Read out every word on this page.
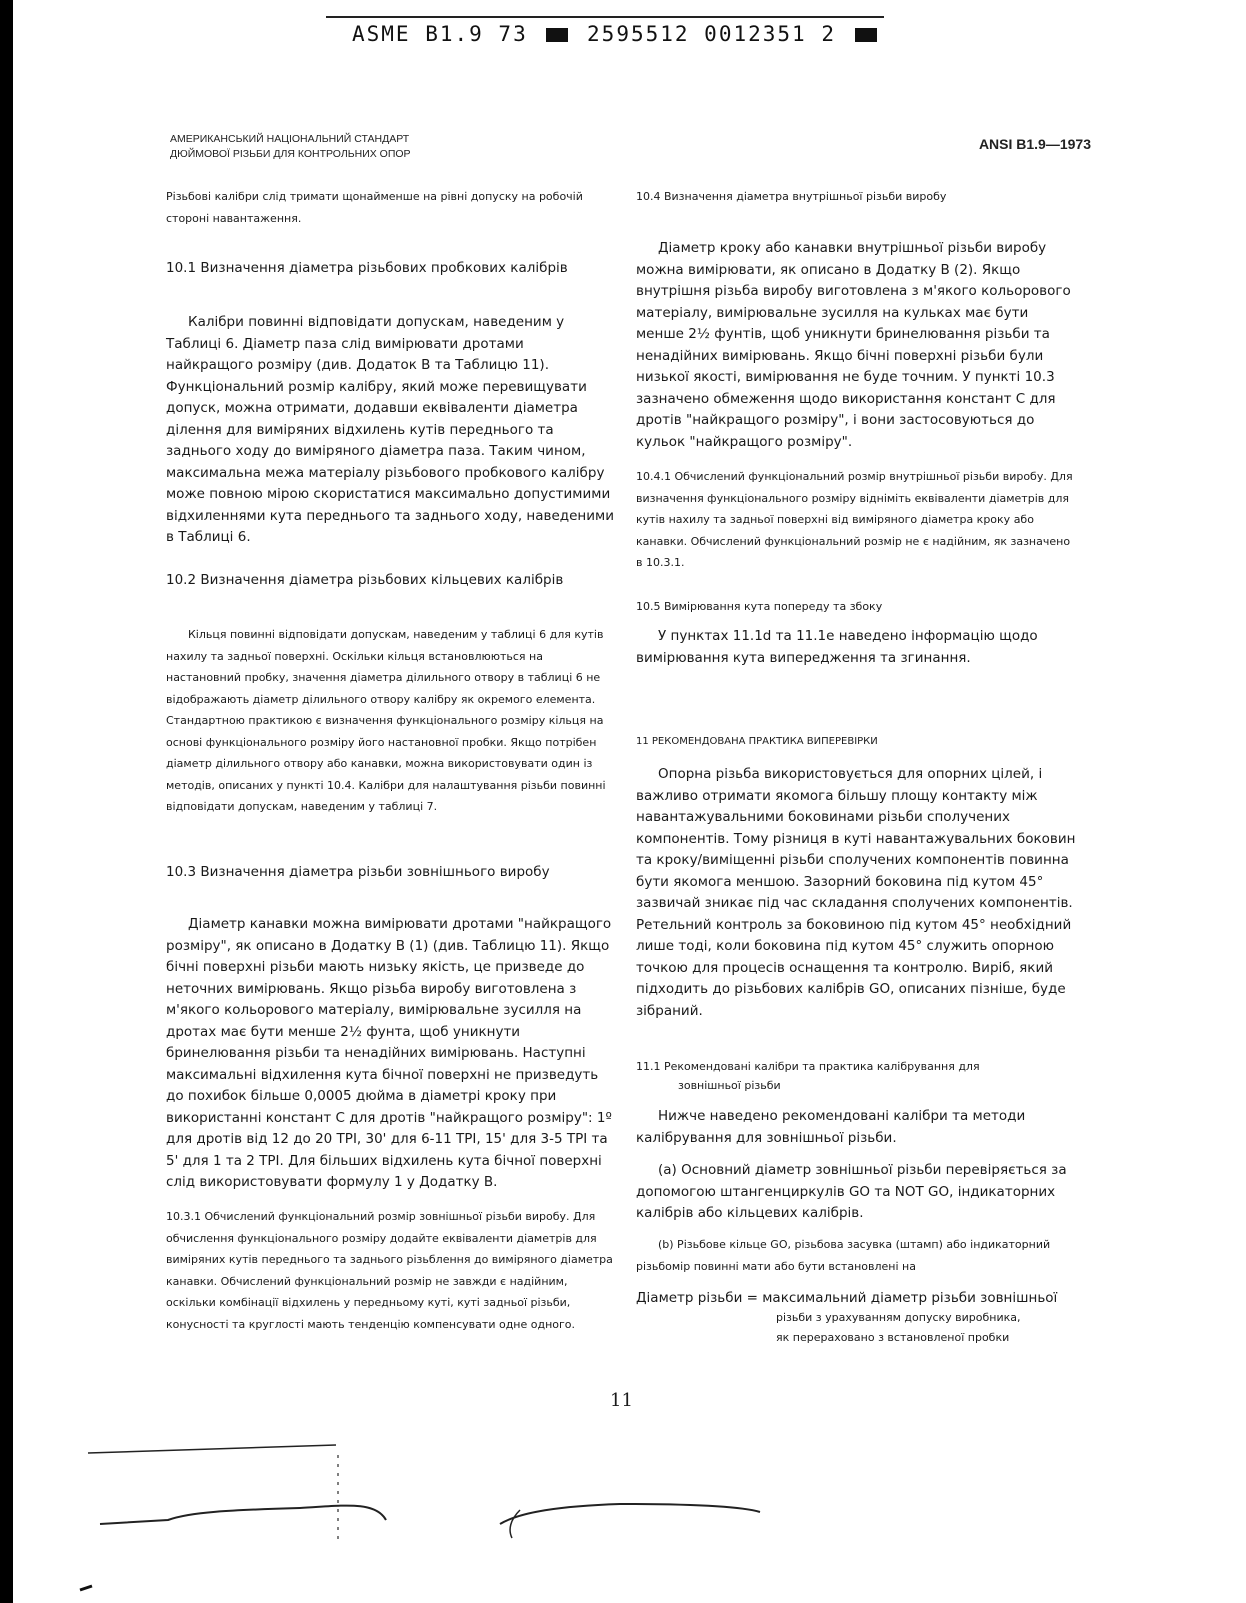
ASME B1.9 73	2595512 0012351 2
АМЕРИКАНСЬКИЙ НАЦІОНАЛЬНИЙ СТАНДАРТ
ДЮЙМОВОЇ РІЗЬБИ ДЛЯ КОНТРОЛЬНИХ ОПОР
ANSI B1.9—1973

Різьбові калібри слід тримати щонайменше на рівні допуску на робочій стороні навантаження.

10.1 Визначення діаметра різьбових пробкових калібрів

Калібри повинні відповідати допускам, наведеним у Таблиці 6. Діаметр паза слід вимірювати дротами найкращого розміру (див. Додаток B та Таблицю 11). Функціональний розмір калібру, який може перевищувати допуск, можна отримати, додавши еквіваленти діаметра ділення для виміряних відхилень кутів переднього та заднього ходу до виміряного діаметра паза. Таким чином, максимальна межа матеріалу різьбового пробкового калібру може повною мірою скористатися максимально допустимими відхиленнями кута переднього та заднього ходу, наведеними в Таблиці 6.

10.2 Визначення діаметра різьбових кільцевих калібрів

Кільця повинні відповідати допускам, наведеним у таблиці 6 для кутів нахилу та задньої поверхні. Оскільки кільця встановлюються на настановний пробку, значення діаметра ділильного отвору в таблиці 6 не відображають діаметр ділильного отвору калібру як окремого елемента. Стандартною практикою є визначення функціонального розміру кільця на основі функціонального розміру його настановної пробки. Якщо потрібен діаметр ділильного отвору або канавки, можна використовувати один із методів, описаних у пункті 10.4. Калібри для налаштування різьби повинні відповідати допускам, наведеним у таблиці 7.

10.3 Визначення діаметра різьби зовнішнього виробу

Діаметр канавки можна вимірювати дротами "найкращого розміру", як описано в Додатку B (1) (див. Таблицю 11). Якщо бічні поверхні різьби мають низьку якість, це призведе до неточних вимірювань. Якщо різьба виробу виготовлена з м'якого кольорового матеріалу, вимірювальне зусилля на дротах має бути менше 2½ фунта, щоб уникнути бринелювання різьби та ненадійних вимірювань. Наступні максимальні відхилення кута бічної поверхні не призведуть до похибок більше 0,0005 дюйма в діаметрі кроку при використанні констант C для дротів "найкращого розміру": 1º для дротів від 12 до 20 TPI, 30' для 6-11 TPI, 15' для 3-5 TPI та 5' для 1 та 2 TPI. Для більших відхилень кута бічної поверхні слід використовувати формулу 1 у Додатку B.

10.3.1 Обчислений функціональний розмір зовнішньої різьби виробу. Для обчислення функціонального розміру додайте еквіваленти діаметрів для виміряних кутів переднього та заднього різьблення до виміряного діаметра канавки. Обчислений функціональний розмір не завжди є надійним, оскільки комбінації відхилень у передньому куті, куті задньої різьби, конусності та круглості мають тенденцію компенсувати одне одного.

10.4 Визначення діаметра внутрішньої різьби виробу

Діаметр кроку або канавки внутрішньої різьби виробу можна вимірювати, як описано в Додатку B (2). Якщо внутрішня різьба виробу виготовлена з м'якого кольорового матеріалу, вимірювальне зусилля на кульках має бути менше 2½ фунтів, щоб уникнути бринелювання різьби та ненадійних вимірювань. Якщо бічні поверхні різьби були низької якості, вимірювання не буде точним. У пункті 10.3 зазначено обмеження щодо використання констант C для дротів "найкращого розміру", і вони застосовуються до кульок "найкращого розміру".

10.4.1 Обчислений функціональний розмір внутрішньої різьби виробу. Для визначення функціонального розміру відніміть еквіваленти діаметрів для кутів нахилу та задньої поверхні від виміряного діаметра кроку або канавки. Обчислений функціональний розмір не є надійним, як зазначено в 10.3.1.

10.5 Вимірювання кута попереду та збоку

У пунктах 11.1d та 11.1e наведено інформацію щодо вимірювання кута випередження та згинання.

11 РЕКОМЕНДОВАНА ПРАКТИКА ВИПЕРЕВІРКИ

Опорна різьба використовується для опорних цілей, і важливо отримати якомога більшу площу контакту між навантажувальними боковинами різьби сполучених компонентів. Тому різниця в куті навантажувальних боковин та кроку/виміщенні різьби сполучених компонентів повинна бути якомога меншою. Зазорний боковина під кутом 45° зазвичай зникає під час складання сполучених компонентів. Ретельний контроль за боковиною під кутом 45° необхідний лише тоді, коли боковина під кутом 45° служить опорною точкою для процесів оснащення та контролю. Виріб, який підходить до різьбових калібрів GO, описаних пізніше, буде зібраний.

11.1 Рекомендовані калібри та практика калібрування для
зовнішньої різьби

Нижче наведено рекомендовані калібри та методи калібрування для зовнішньої різьби.

(a) Основний діаметр зовнішньої різьби перевіряється за допомогою штангенциркулів GO та NOT GO, індикаторних калібрів або кільцевих калібрів.

(b) Різьбове кільце GO, різьбова засувка (штамп) або індикаторний різьбомір повинні мати або бути встановлені на

Діаметр різьби = максимальний діаметр різьби зовнішньої
різьби з урахуванням допуску виробника,
як перераховано з встановленої пробки
11
